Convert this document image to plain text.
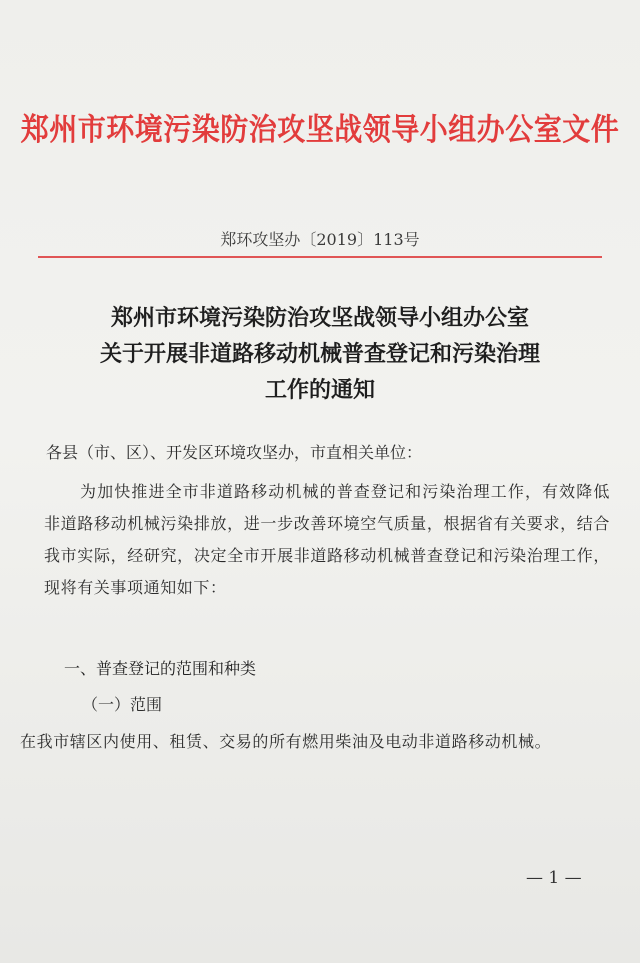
郑州市环境污染防治攻坚战领导小组办公室文件
郑环攻坚办〔2019〕113号
郑州市环境污染防治攻坚战领导小组办公室
关于开展非道路移动机械普查登记和污染治理
工作的通知
各县（市、区）、开发区环境攻坚办，市直相关单位：
为加快推进全市非道路移动机械的普查登记和污染治理工作，有效降低非道路移动机械污染排放，进一步改善环境空气质量，根据省有关要求，结合我市实际，经研究，决定全市开展非道路移动机械普查登记和污染治理工作，现将有关事项通知如下：
一、普查登记的范围和种类
（一）范围
在我市辖区内使用、租赁、交易的所有燃用柴油及电动非道路移动机械。
— 1 —
